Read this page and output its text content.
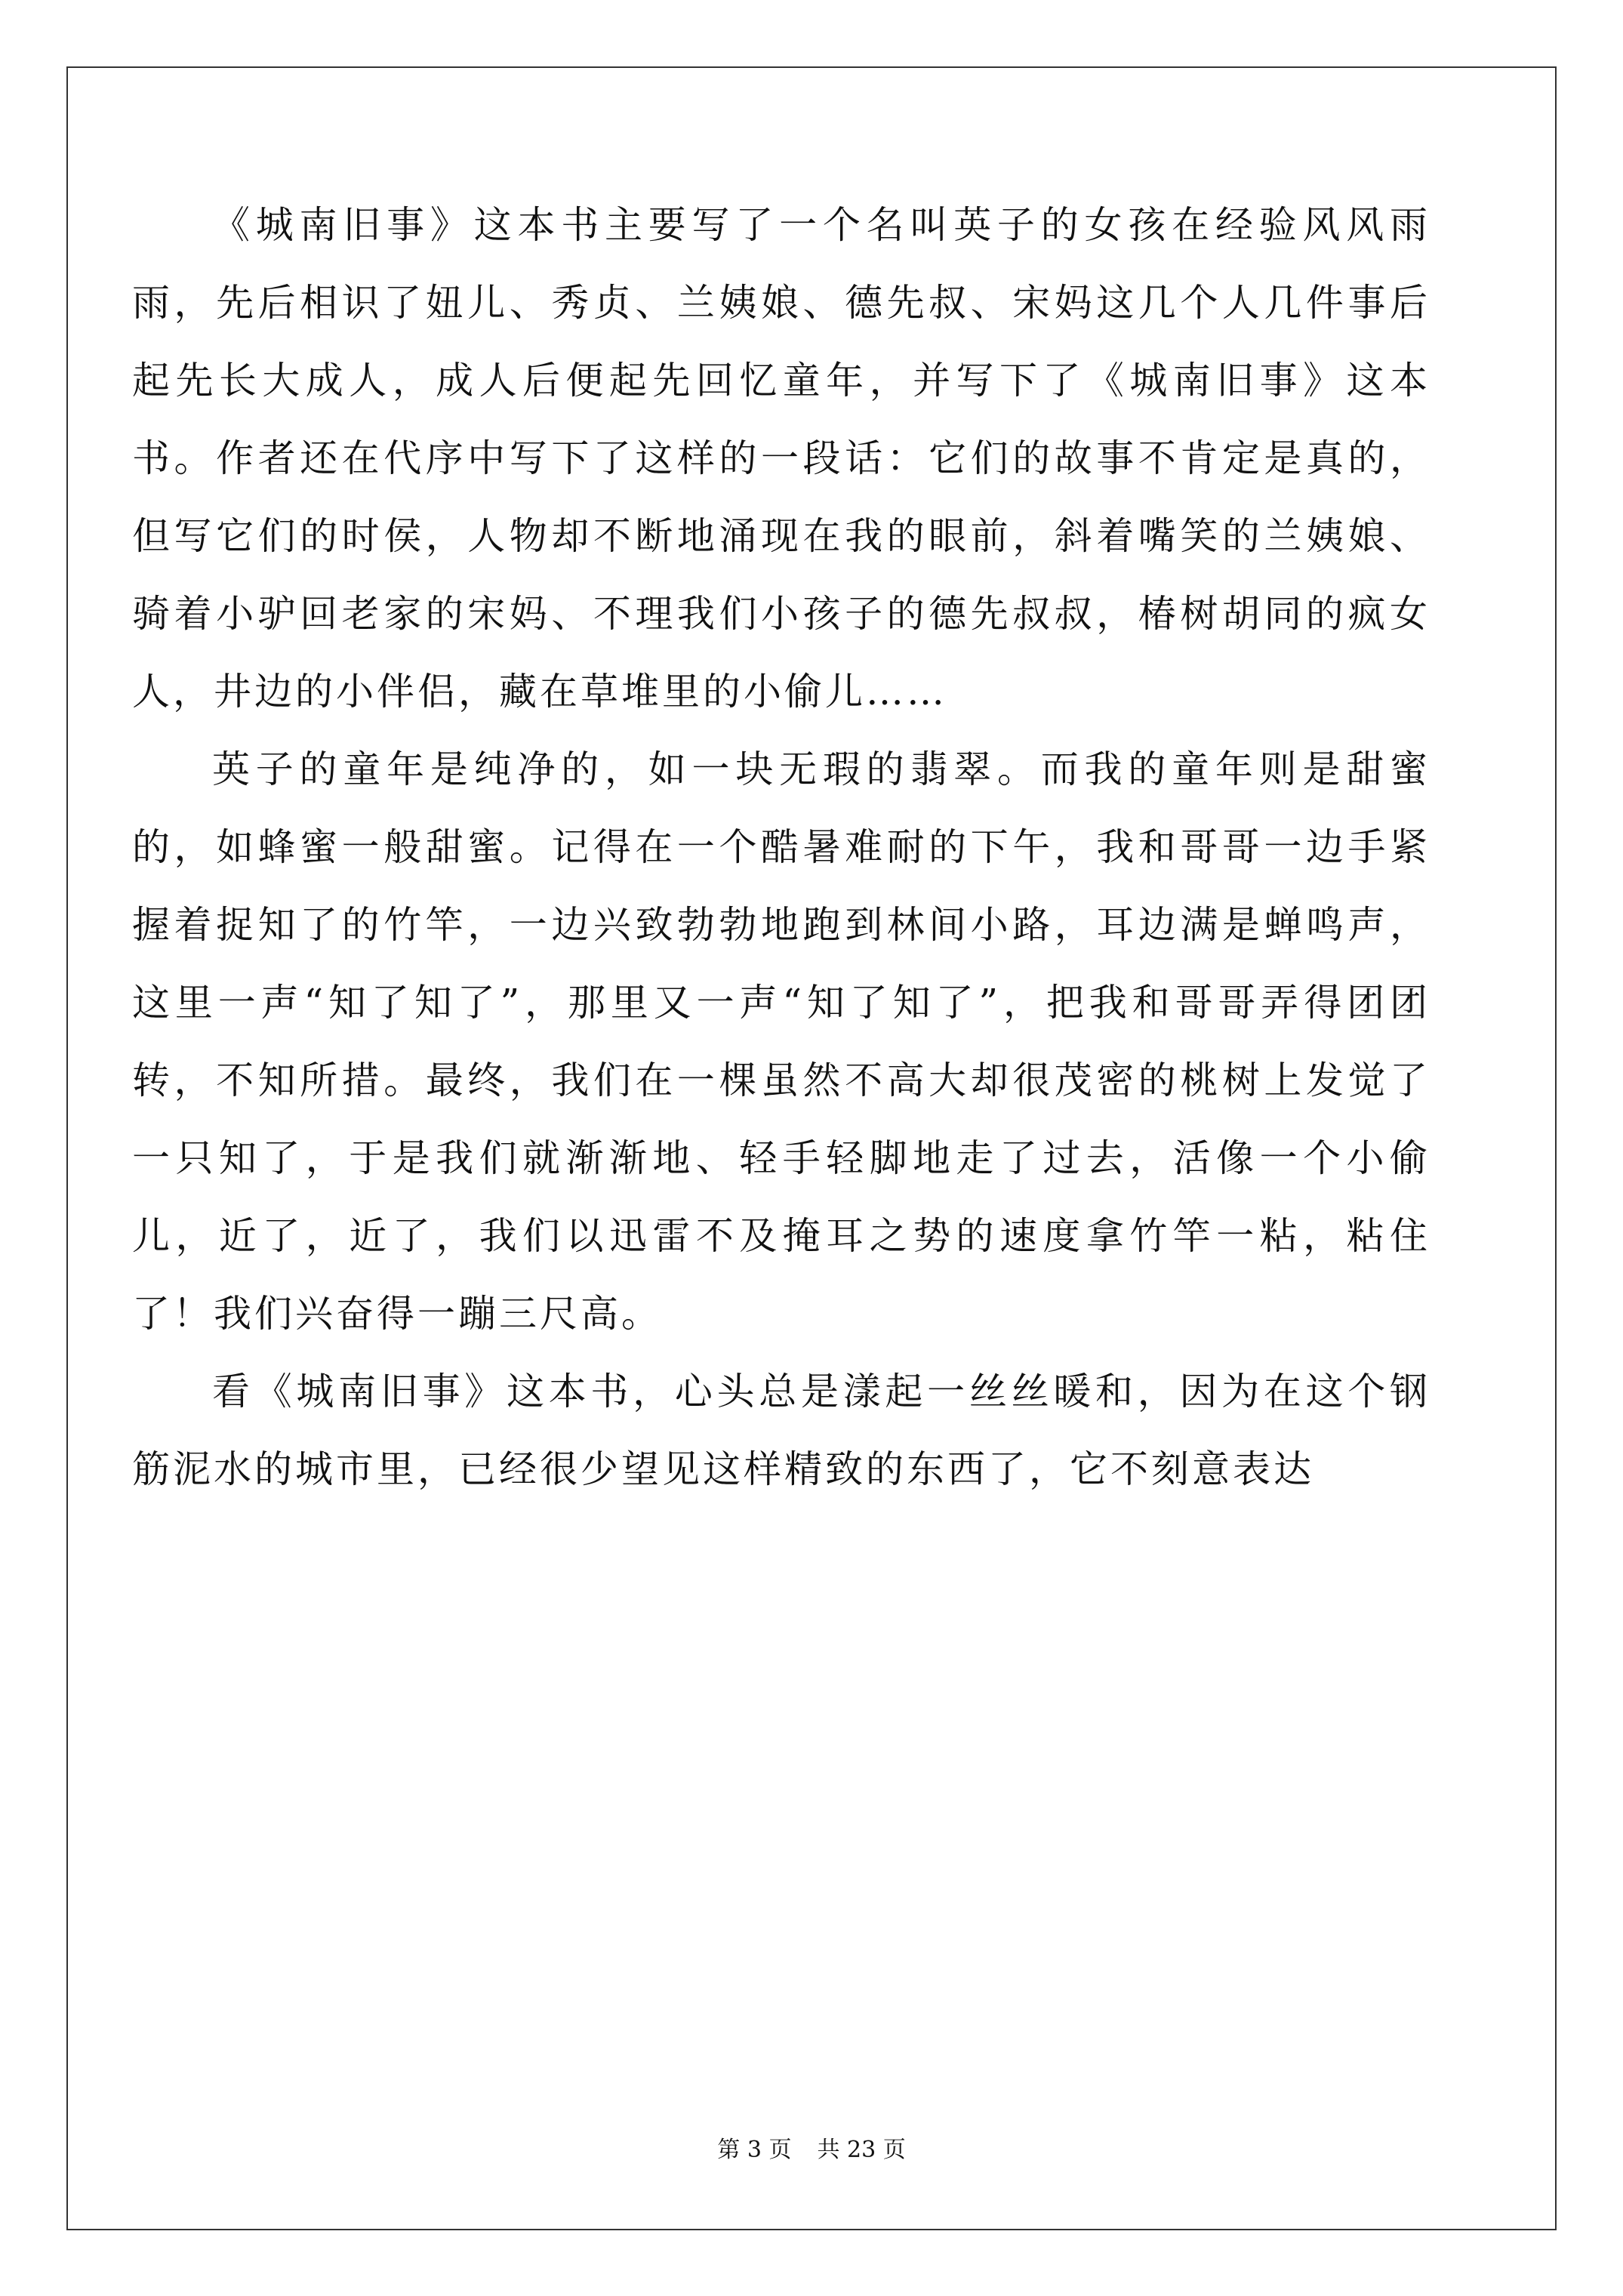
《城南旧事》这本书主要写了一个名叫英子的女孩在经验风风雨雨，先后相识了妞儿、秀贞、兰姨娘、德先叔、宋妈这几个人几件事后起先长大成人，成人后便起先回忆童年，并写下了《城南旧事》这本书。作者还在代序中写下了这样的一段话：它们的故事不肯定是真的，但写它们的时侯，人物却不断地涌现在我的眼前，斜着嘴笑的兰姨娘、骑着小驴回老家的宋妈、不理我们小孩子的德先叔叔，椿树胡同的疯女人，井边的小伴侣，藏在草堆里的小偷儿……

英子的童年是纯净的，如一块无瑕的翡翠。而我的童年则是甜蜜的，如蜂蜜一般甜蜜。记得在一个酷暑难耐的下午，我和哥哥一边手紧握着捉知了的竹竿，一边兴致勃勃地跑到林间小路，耳边满是蝉鸣声，这里一声“知了知了”，那里又一声“知了知了”，把我和哥哥弄得团团转，不知所措。最终，我们在一棵虽然不高大却很茂密的桃树上发觉了一只知了，于是我们就渐渐地、轻手轻脚地走了过去，活像一个小偷儿，近了，近了，我们以迅雷不及掩耳之势的速度拿竹竿一粘，粘住了！我们兴奋得一蹦三尺高。

看《城南旧事》这本书，心头总是漾起一丝丝暖和，因为在这个钢筋泥水的城市里，已经很少望见这样精致的东西了，它不刻意表达

第 3 页 共 23 页
